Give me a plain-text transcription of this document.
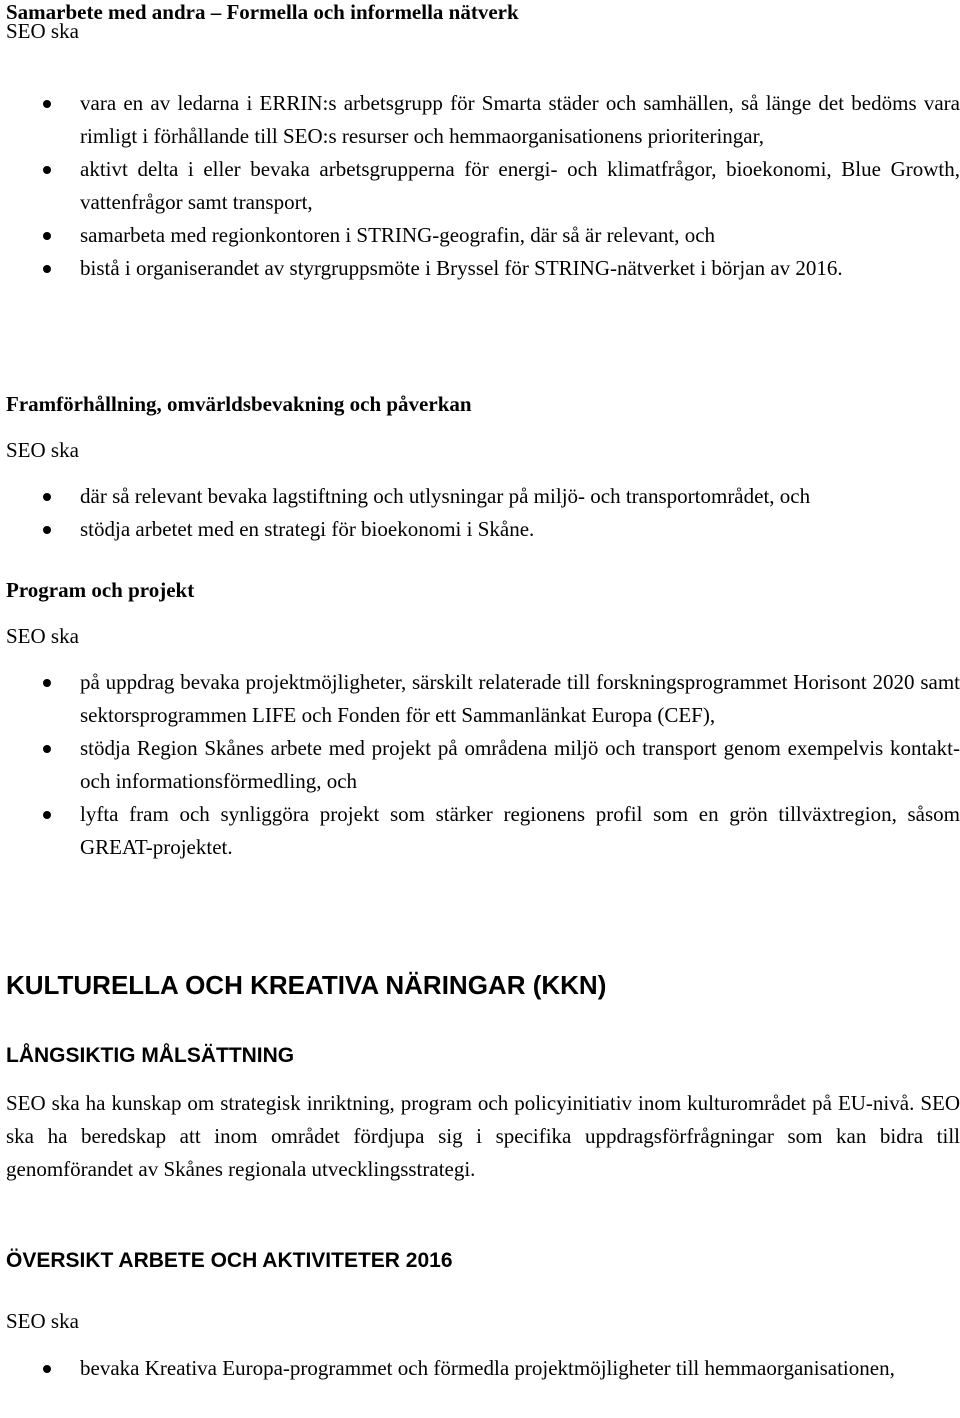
Samarbete med andra – Formella och informella nätverk
SEO ska
vara en av ledarna i ERRIN:s arbetsgrupp för Smarta städer och samhällen, så länge det bedöms vara rimligt i förhållande till SEO:s resurser och hemmaorganisationens prioriteringar,
aktivt delta i eller bevaka arbetsgrupperna för energi- och klimatfrågor, bioekonomi, Blue Growth, vattenfrågor samt transport,
samarbeta med regionkontoren i STRING-geografin, där så är relevant, och
bistå i organiserandet av styrgruppsmöte i Bryssel för STRING-nätverket i början av 2016.
Framförhållning, omvärldsbevakning och påverkan
SEO ska
där så relevant bevaka lagstiftning och utlysningar på miljö- och transportområdet, och
stödja arbetet med en strategi för bioekonomi i Skåne.
Program och projekt
SEO ska
på uppdrag bevaka projektmöjligheter, särskilt relaterade till forskningsprogrammet Horisont 2020 samt sektorsprogrammen LIFE och Fonden för ett Sammanlänkat Europa (CEF),
stödja Region Skånes arbete med projekt på områdena miljö och transport genom exempelvis kontakt- och informationsförmedling, och
lyfta fram och synliggöra projekt som stärker regionens profil som en grön tillväxtregion, såsom GREAT-projektet.
KULTURELLA OCH KREATIVA NÄRINGAR (KKN)
LÅNGSIKTIG MÅLSÄTTNING
SEO ska ha kunskap om strategisk inriktning, program och policyinitiativ inom kulturområdet på EU-nivå. SEO ska ha beredskap att inom området fördjupa sig i specifika uppdragsförfrågningar som kan bidra till genomförandet av Skånes regionala utvecklingsstrategi.
ÖVERSIKT ARBETE OCH AKTIVITETER 2016
SEO ska
bevaka Kreativa Europa-programmet och förmedla projektmöjligheter till hemmaorganisationen,
